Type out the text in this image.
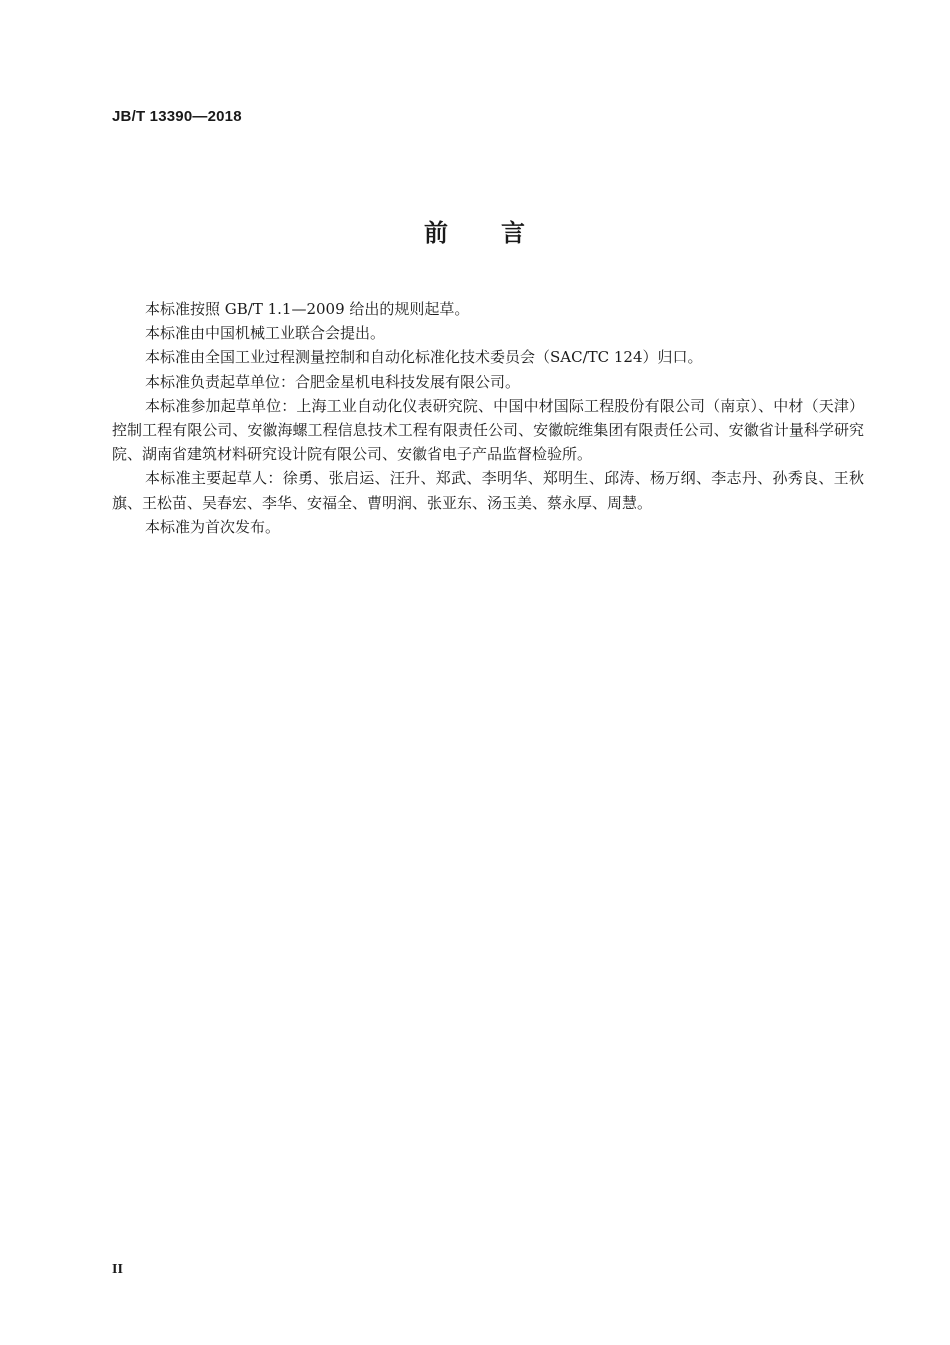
JB/T 13390—2018
前 言

本标准按照 GB/T 1.1—2009 给出的规则起草。

本标准由中国机械工业联合会提出。

本标准由全国工业过程测量控制和自动化标准化技术委员会（SAC/TC 124）归口。

本标准负责起草单位：合肥金星机电科技发展有限公司。

本标准参加起草单位：上海工业自动化仪表研究院、中国中材国际工程股份有限公司（南京）、中材（天津）控制工程有限公司、安徽海螺工程信息技术工程有限责任公司、安徽皖维集团有限责任公司、安徽省计量科学研究院、湖南省建筑材料研究设计院有限公司、安徽省电子产品监督检验所。

本标准主要起草人：徐勇、张启运、汪升、郑武、李明华、郑明生、邱涛、杨万纲、李志丹、孙秀良、王秋旗、王松苗、吴春宏、李华、安福全、曹明润、张亚东、汤玉美、蔡永厚、周慧。

本标准为首次发布。

II
